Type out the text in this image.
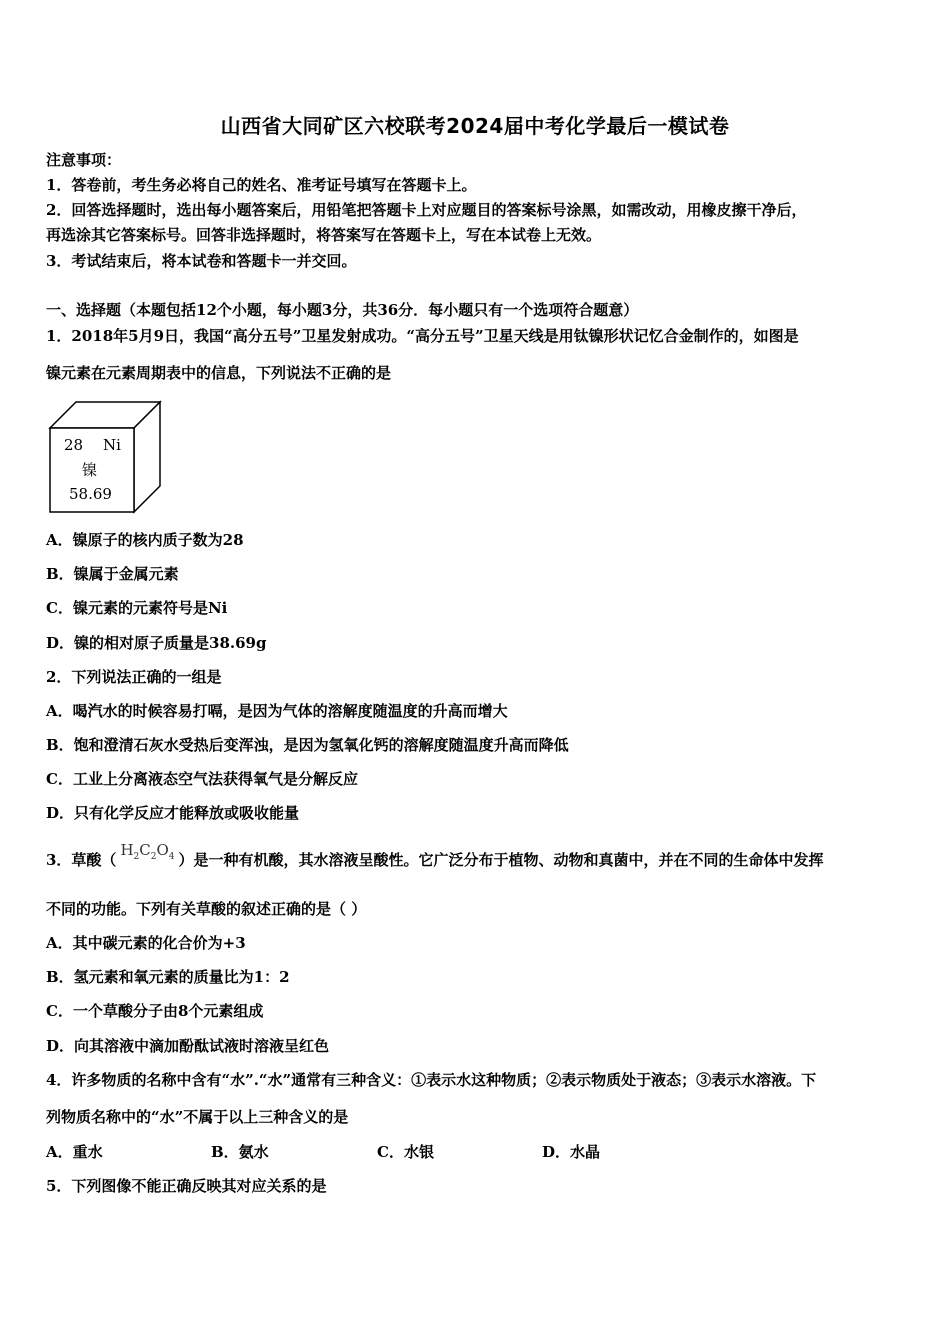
山西省大同矿区六校联考2024届中考化学最后一模试卷
注意事项：
1．答卷前，考生务必将自己的姓名、准考证号填写在答题卡上。
2．回答选择题时，选出每小题答案后，用铅笔把答题卡上对应题目的答案标号涂黑，如需改动，用橡皮擦干净后，
再选涂其它答案标号。回答非选择题时，将答案写在答题卡上，写在本试卷上无效。
3．考试结束后，将本试卷和答题卡一并交回。
一、选择题（本题包括12个小题，每小题3分，共36分．每小题只有一个选项符合题意）
1．2018年5月9日，我国“高分五号”卫星发射成功。“高分五号”卫星天线是用钛镍形状记忆合金制作的，如图是
镍元素在元素周期表中的信息，下列说法不正确的是
28 Ni
镍
58.69
A．镍原子的核内质子数为28
B．镍属于金属元素
C．镍元素的元素符号是Ni
D．镍的相对原子质量是38.69g
2．下列说法正确的一组是
A．喝汽水的时候容易打嗝，是因为气体的溶解度随温度的升高而增大
B．饱和澄清石灰水受热后变浑浊，是因为氢氧化钙的溶解度随温度升高而降低
C．工业上分离液态空气法获得氧气是分解反应
D．只有化学反应才能释放或吸收能量
3．草酸（$H_2C_2O_4$ ）是一种有机酸，其水溶液呈酸性。它广泛分布于植物、动物和真菌中，并在不同的生命体中发挥
不同的功能。下列有关草酸的叙述正确的是（ ）
A．其中碳元素的化合价为+3
B．氢元素和氧元素的质量比为1：2
C．一个草酸分子由8个元素组成
D．向其溶液中滴加酚酞试液时溶液呈红色
4．许多物质的名称中含有“水”.“水”通常有三种含义：①表示水这种物质；②表示物质处于液态；③表示水溶液。下
列物质名称中的“水”不属于以上三种含义的是
A．重水	B．氨水	C．水银	D．水晶
5．下列图像不能正确反映其对应关系的是
